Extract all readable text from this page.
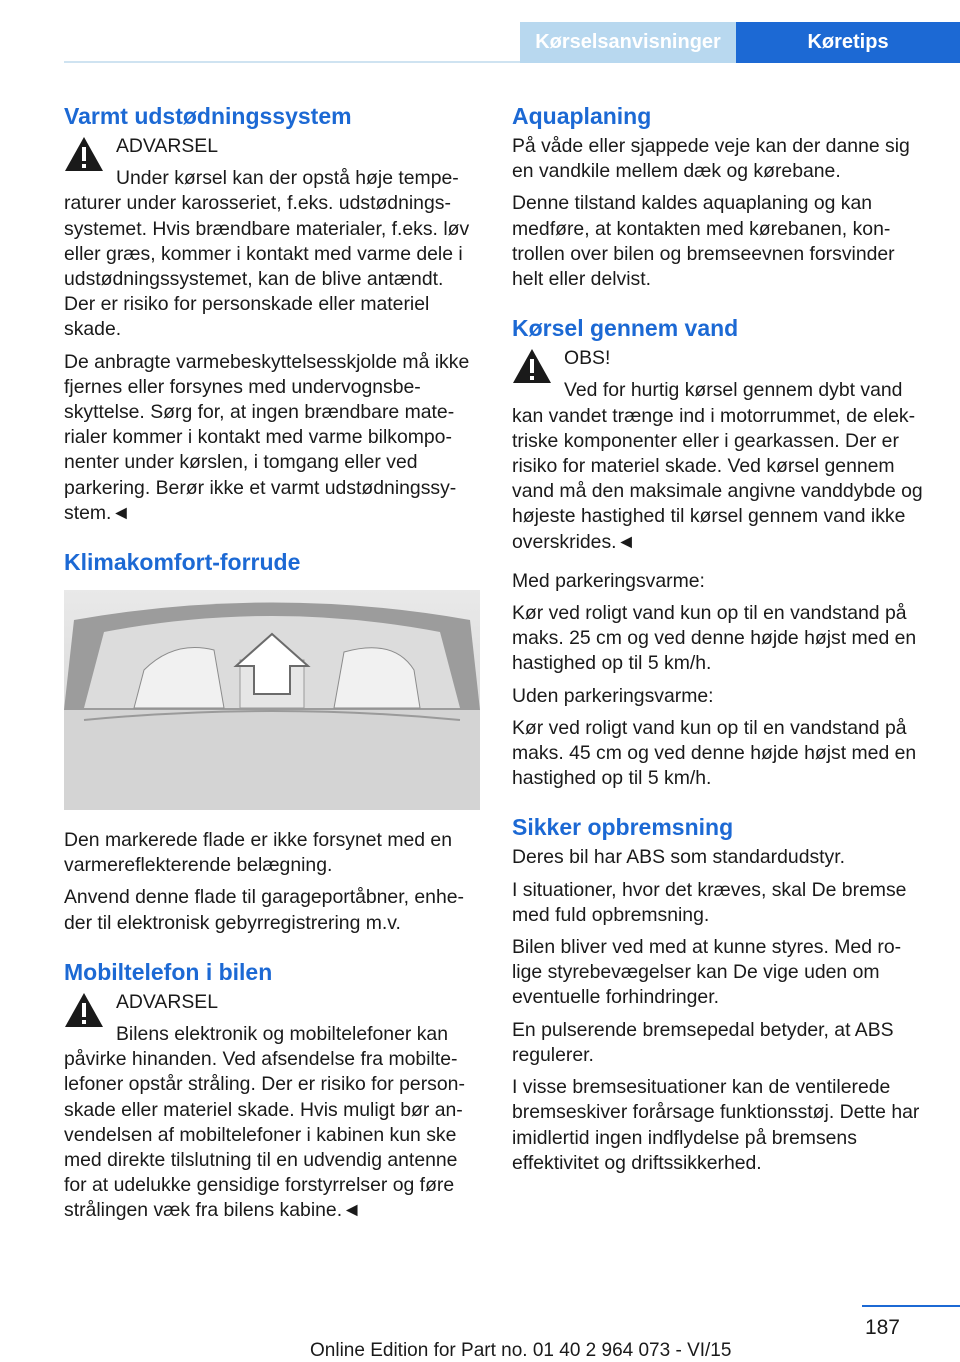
Kørselsanvisninger	Køretips
Varmt udstødningssystem

ADVARSEL

Under kørsel kan der opstå høje tempe-

raturer under karosseriet, f.eks. udstødnings-systemet. Hvis brændbare materialer, f.eks. løv eller græs, kommer i kontakt med varme dele i udstødningssystemet, kan de blive antændt. Der er risiko for personskade eller materiel skade.

De anbragte varmebeskyttelsesskjolde må ikke fjernes eller forsynes med undervognsbe-skyttelse. Sørg for, at ingen brændbare mate-rialer kommer i kontakt med varme bilkompo-nenter under kørslen, i tomgang eller ved parkering. Berør ikke et varmt udstødningssy-stem.◄

Klimakomfort-forrude

Den markerede flade er ikke forsynet med en varmereflekterende belægning.

Anvend denne flade til garageportåbner, enhe-der til elektronisk gebyrregistrering m.v.

Mobiltelefon i bilen

ADVARSEL

Bilens elektronik og mobiltelefoner kan

påvirke hinanden. Ved afsendelse fra mobilte-lefoner opstår stråling. Der er risiko for person-skade eller materiel skade. Hvis muligt bør an-vendelsen af mobiltelefoner i kabinen kun ske med direkte tilslutning til en udvendig antenne for at udelukke gensidige forstyrrelser og føre strålingen væk fra bilens kabine.◄

Aquaplaning

På våde eller sjappede veje kan der danne sig en vandkile mellem dæk og kørebane.

Denne tilstand kaldes aquaplaning og kan medføre, at kontakten med kørebanen, kon-trollen over bilen og bremseevnen forsvinder helt eller delvist.

Kørsel gennem vand

OBS!

Ved for hurtig kørsel gennem dybt vand

kan vandet trænge ind i motorrummet, de elek-triske komponenter eller i gearkassen. Der er risiko for materiel skade. Ved kørsel gennem vand må den maksimale angivne vanddybde og højeste hastighed til kørsel gennem vand ikke overskrides.◄

Med parkeringsvarme:

Kør ved roligt vand kun op til en vandstand på maks. 25 cm og ved denne højde højst med en hastighed op til 5 km/h.

Uden parkeringsvarme:

Kør ved roligt vand kun op til en vandstand på maks. 45 cm og ved denne højde højst med en hastighed op til 5 km/h.

Sikker opbremsning

Deres bil har ABS som standardudstyr.

I situationer, hvor det kræves, skal De bremse med fuld opbremsning.

Bilen bliver ved med at kunne styres. Med ro-lige styrebevægelser kan De vige uden om eventuelle forhindringer.

En pulserende bremsepedal betyder, at ABS regulerer.

I visse bremsesituationer kan de ventilerede bremseskiver forårsage funktionsstøj. Dette har imidlertid ingen indflydelse på bremsens effektivitet og driftssikkerhed.

187
Online Edition for Part no. 01 40 2 964 073 - VI/15
